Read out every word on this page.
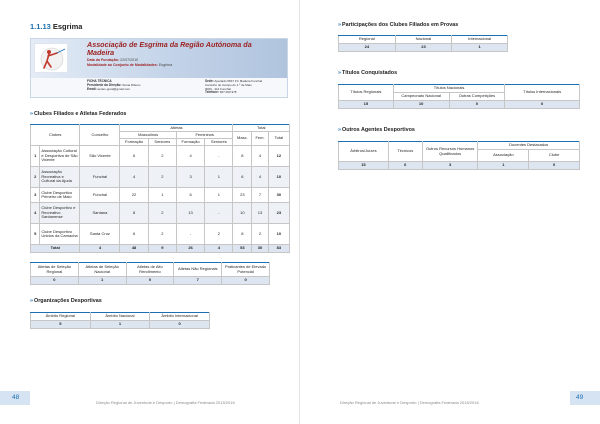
1.1.13 Esgrima
Associação de Esgrima da Região Autónoma da Madeira
Data da Fundação: 22/07/2010
Modalidade ao Conjunto de Modalidades: Esgrima
FICHA TÉCNICA
Presidente da Direção: Sónia Ribeiro
Email: aeram.geral@gmail.com
Sede: Apartado 5847 FC Madeira Funchal
Caminho do Campo do 1.º de Maio
9060 - 414 Funchal
Telefone: 967 060 978
»Clubes Filiados e Atletas Federados
Clubes		Concelho	Atletas				Total		
			Masculinos		Femininos		Masc.	Fem.	Total
			Formação	Seniores	Formação	Seniores			
1	Associação Cultural e Desportiva de São Vicente	São Vicente	6	2	4	-	8	4	12
2	Associação Recreativa e Cultural da Ajuda	Funchal	4	2	3	1	6	4	10
3	Clube Desportivo Primeiro de Maio	Funchal	22	1	6	1	23	7	30
4	Clube Desportivo e Recreativo Santanense	Santana	8	2	13	-	10	13	23
5	Clube Desportivo Unidos da Camacha	Santa Cruz	6	2	-	2	8	2	10
Total		4	48	9	26	4	53	30	83
Atletas de Seleção Regional	Atletas de Seleção Nacional	Atletas de Alto Rendimento	Atletas Não Regionais	Praticantes de Elevado Potencial
0	1	0	7	0
»Organizações Desportivas
Âmbito Regional	Âmbito Nacional	Âmbito Internacional
5	1	0
48
Direção Regional de Juventude e Desporto | Demografia Federada 2015/2016
»Participações dos Clubes Filiados em Provas
Regional	Nacional	Internacional
24	23	1
»Títulos Conquistados
Títulos Regionais	Títulos Nacionais		Títulos Internacionais
	Campeonato Nacional	Outras Competições	
15	10	0	0
»Outros Agentes Desportivos
Árbitros/Juízes	Técnicos	Outros Recursos Humanos Qualificados	Docentes Destacados	
			Associação	Clube
15	6	3	1	0
Direção Regional de Juventude e Desporto | Demografia Federada 2015/2016
49
